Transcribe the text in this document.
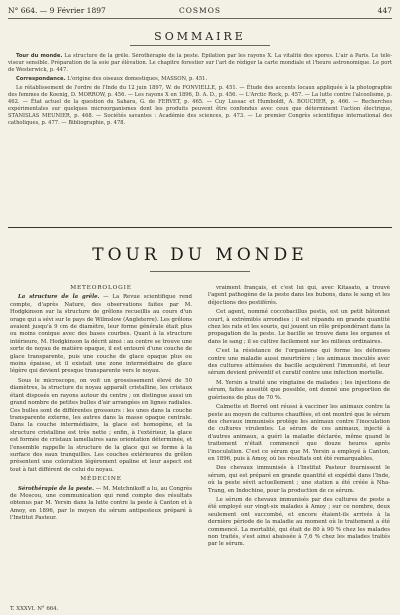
N° 664. — 9 Février 1897	COSMOS	447
SOMMAIRE

Tour du monde. La structure de la grêle. Sérothérapie de la peste. Épilation par les rayons X. La vitalité des spores. L'air à Paris. Le télé-viseur sensible. Préparation de la soie par élèvation. Le chapitre forestier sur l'art de rédiger la carte mondiale et l'heure astronomique. Le port de Westerwick, p. 447.

Correspondance. L'origine des oiseaux domestiques, MASSON, p. 451.

Le rétablissement de l'ordre de l'Inde du 12 juin 1897, W. de FONVIELLE, p. 451. — Étude des accents locaux appliquée à la photographie des femmes de Koenig, D. MORROW, p. 456. — Les rayons X en 1896, D. A. D., p. 456. — L'Arctic Rock, p. 457. — La lutte contre l'alcoolisme, p. 462. — État actuel de la question du Sahara, G. de FERVET, p. 465. — Cuy Lussac et Humboldt, A. BOUCHER, p. 466. — Recherches expérimentales sur quelques microorganismes dont les produits peuvent être confondus avec ceux que déterminent l'action électrique, STANISLAS MEUNIER, p. 468. — Sociétés savantes : Académie des sciences, p. 473. — Le premier Congrès scientifique international des catholiques, p. 477. — Bibliographie, p. 478.

TOUR DU MONDE

MÉTÉOROLOGIE

La structure de la grêle. — La Revue scientifique rend compte, d'après Nature, des observations faites par M. Hodgkinson sur la structure de grêlons recueillis au cours d'un orage qui a sévi sur le pays de Wilmslow (Angleterre). Les grêlons avaient jusqu'à 9 cm de diamètre, leur forme générale était plus ou moins conique avec des bases courbes. Quant à la structure intérieure, M. Hodgkinson la décrit ainsi : au centre se trouve une sorte de noyau de matière opaque, il est entouré d'une couche de glace transparente, puis une couche de glace opaque plus ou moins épaisse, et il existait une zone intermédiaire de glace légère qui devient presque transparente vers le noyau.

Sous le microscope, on voit un grossissement élevé de 50 diamètres, la structure du noyau apparaît cristalline, les cristaux étant disposés en rayons autour du centre ; on distingue aussi un grand nombre de petites bulles d'air arrangées en lignes radiales. Ces bulles sont de différentes grosseurs : les unes dans la couche transparente externe, les autres dans la masse opaque centrale. Dans la couche intermédiaire, la glace est homogène, et la structure cristalline est très nette ; enfin, à l'extérieur, la glace est formée de cristaux lamellaires sans orientation déterminée, et l'ensemble rappelle la structure de la glace qui se forme à la surface des eaux tranquilles. Les couches extérieures du grêlon présentent une coloration légèrement opaline et leur aspect est tout à fait différent de celui du noyau.

MÉDECINE

Sérothérapie de la peste. — M. Metchnikoff a lu, au Congrès de Moscou, une communication qui rend compte des résultats obtenus par M. Yersin dans la lutte contre la peste à Canton et à Amoy, en 1896, par le moyen du sérum antipesteux préparé à l'Institut Pasteur.

vraiment français, et c'est lui qui, avec Kitasato, a trouvé l'agent pathogène de la peste dans les bubons, dans le sang et les déjections des pestiférés.

Cet agent, nommé coccobacillus pestis, est un petit bâtonnet court, à extrémités arrondies ; il est répandu en grande quantité chez les rats et les souris, qui jouent un rôle prépondérant dans la propagation de la peste. Le bacille se trouve dans les organes et dans le sang ; il se cultive facilement sur les milieux ordinaires.

C'est la résistance de l'organisme qui forme les défenses contre une maladie aussi meurtrière ; les animaux inoculés avec des cultures atténuées du bacille acquièrent l'immunité, et leur sérum devient préventif et curatif contre une infection mortelle.

M. Yersin a traité une vingtaine de malades ; les injections de sérum, faites aussitôt que possible, ont donné une proportion de guérisons de plus de 70 %.

Calmette et Borrel ont réussi à vacciner les animaux contre la peste au moyen de cultures chauffées, et ont montré que le sérum des chevaux immunisés protège les animaux contre l'inoculation de cultures virulentes. Le sérum de ces animaux, injecté à d'autres animaux, a guéri la maladie déclarée, même quand le traitement n'était commencé que douze heures après l'inoculation. C'est ce sérum que M. Yersin a employé à Canton, en 1896, puis à Amoy, où les résultats ont été remarquables.

Des chevaux immunisés à l'Institut Pasteur fournissent le sérum, qui est préparé en grande quantité et expédié dans l'Inde, où la peste sévit actuellement ; une station a été créée à Nha-Trang, en Indochine, pour la production de ce sérum.

Le sérum de chevaux immunisés par des cultures de peste a été employé sur vingt-six malades à Amoy ; sur ce nombre, deux seulement ont succombé, et encore étaient-ils arrivés à la dernière période de la maladie au moment où le traitement a été commencé. La mortalité, qui était de 80 à 90 % chez les malades non traités, s'est ainsi abaissée à 7,6 % chez les malades traités par le sérum.

T. XXXVI. N° 664.
